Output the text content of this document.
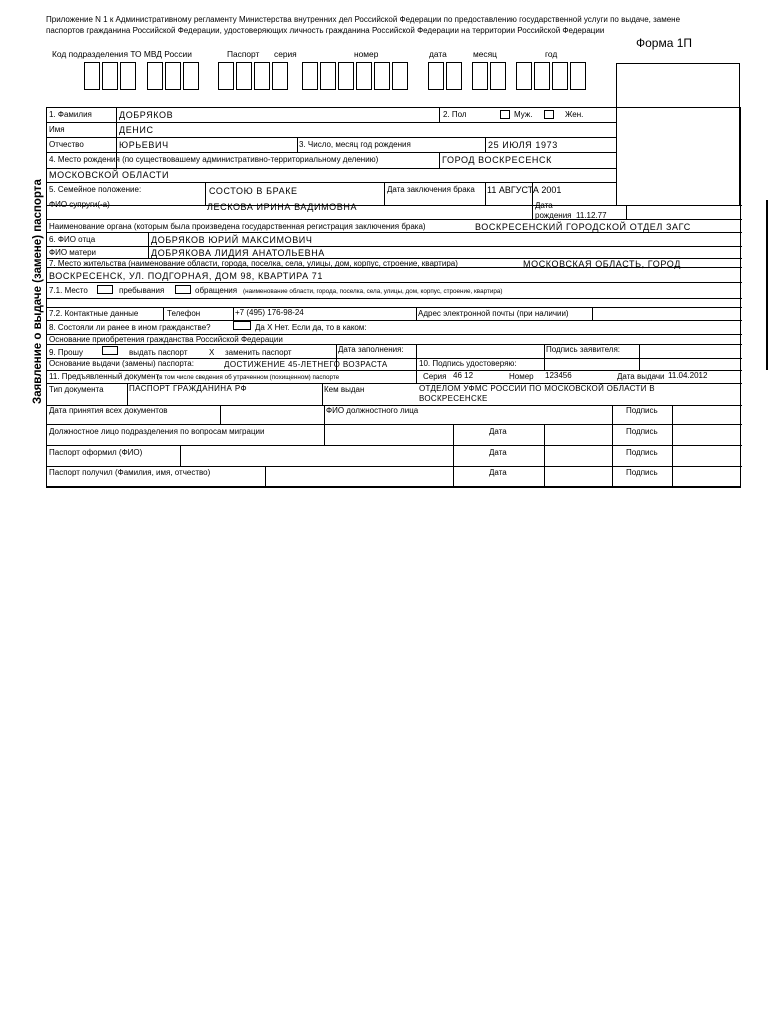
Приложение N 1 к Административному регламенту Министерства внутренних дел Российской Федерации по предоставлению государственной услуги по выдаче, замене паспортов гражданина Российской Федерации, удостоверяющих личность гражданина Российской Федерации на территории Российской Федерации
Форма 1П
Код подразделения ТО МВД России	Паспорт серия	номер	дата	месяц	год
Заявление о выдаче (замене) паспорта
1. Фамилия	ДОБРЯКОВ	2. Пол	Муж.	Жен.
Имя	ДЕНИС
Отчество	ЮРЬЕВИЧ	3. Число, месяц год рождения	25 ИЮЛЯ 1973
4. Место рождения (по существовашему административно-территориальному делению)	ГОРОД ВОСКРЕСЕНСК
МОСКОВСКОЙ ОБЛАСТИ
5. Семейное положение:	СОСТОЮ В БРАКЕ	Дата заключения брака 11 АВГУСТА 2001
ФИО супруги(-а)	ЛЕСКОВА ИРИНА ВАДИМОВНА	Дата
рождения 11.12.77
Наименование органа (которым была произведена государственная регистрация заключения брака)	ВОСКРЕСЕНСКИЙ ГОРОДСКОЙ ОТДЕЛ ЗАГС
6. ФИО отца	ДОБРЯКОВ ЮРИЙ МАКСИМОВИЧ
ФИО матери	ДОБРЯКОВА ЛИДИЯ АНАТОЛЬЕВНА
7. Место жительства (наименование области, города, поселка, села, улицы, дом, корпус, строение, квартира)	МОСКОВСКАЯ ОБЛАСТЬ, ГОРОД
ВОСКРЕСЕНСК, УЛ. ПОДГОРНАЯ, ДОМ 98, КВАРТИРА 71
7.1. Место	пребывания	обращения (наименование области, города, поселка, села, улицы, дом, корпус, строение, квартира)
7.2. Контактные данные	Телефон	+7 (495) 176-98-24	Адрес электронной почты (при наличии)
8. Состояли ли ранее в ином гражданстве?	Да X Нет. Если да, то в каком:
Основание приобретения гражданства Российской Федерации
9. Прошу	выдать паспорт	X заменить паспорт	Дата заполнения:	Подпись заявителя:
Основание выдачи (замены) паспорта:	ДОСТИЖЕНИЕ 45-ЛЕТНЕГО ВОЗРАСТА	10. Подпись удостоверяю:
11. Предъявленный документ
(в том числе сведения об утраченном (похищенном) паспорте	Серия 46 12	Номер 123456	Дата выдачи 11.04.2012
Тип документа	ПАСПОРТ ГРАЖДАНИНА РФ	Кем выдан	ОТДЕЛОМ УФМС РОССИИ ПО МОСКОВСКОЙ ОБЛАСТИ В
ВОСКРЕСЕНСКЕ
Дата принятия всех документов	ФИО должностного лица	Подпись
Должностное лицо подразделения по вопросам миграции	Дата	Подпись
Паспорт оформил (ФИО)	Дата	Подпись
Паспорт получил (Фамилия, имя, отчество)	Дата	Подпись
